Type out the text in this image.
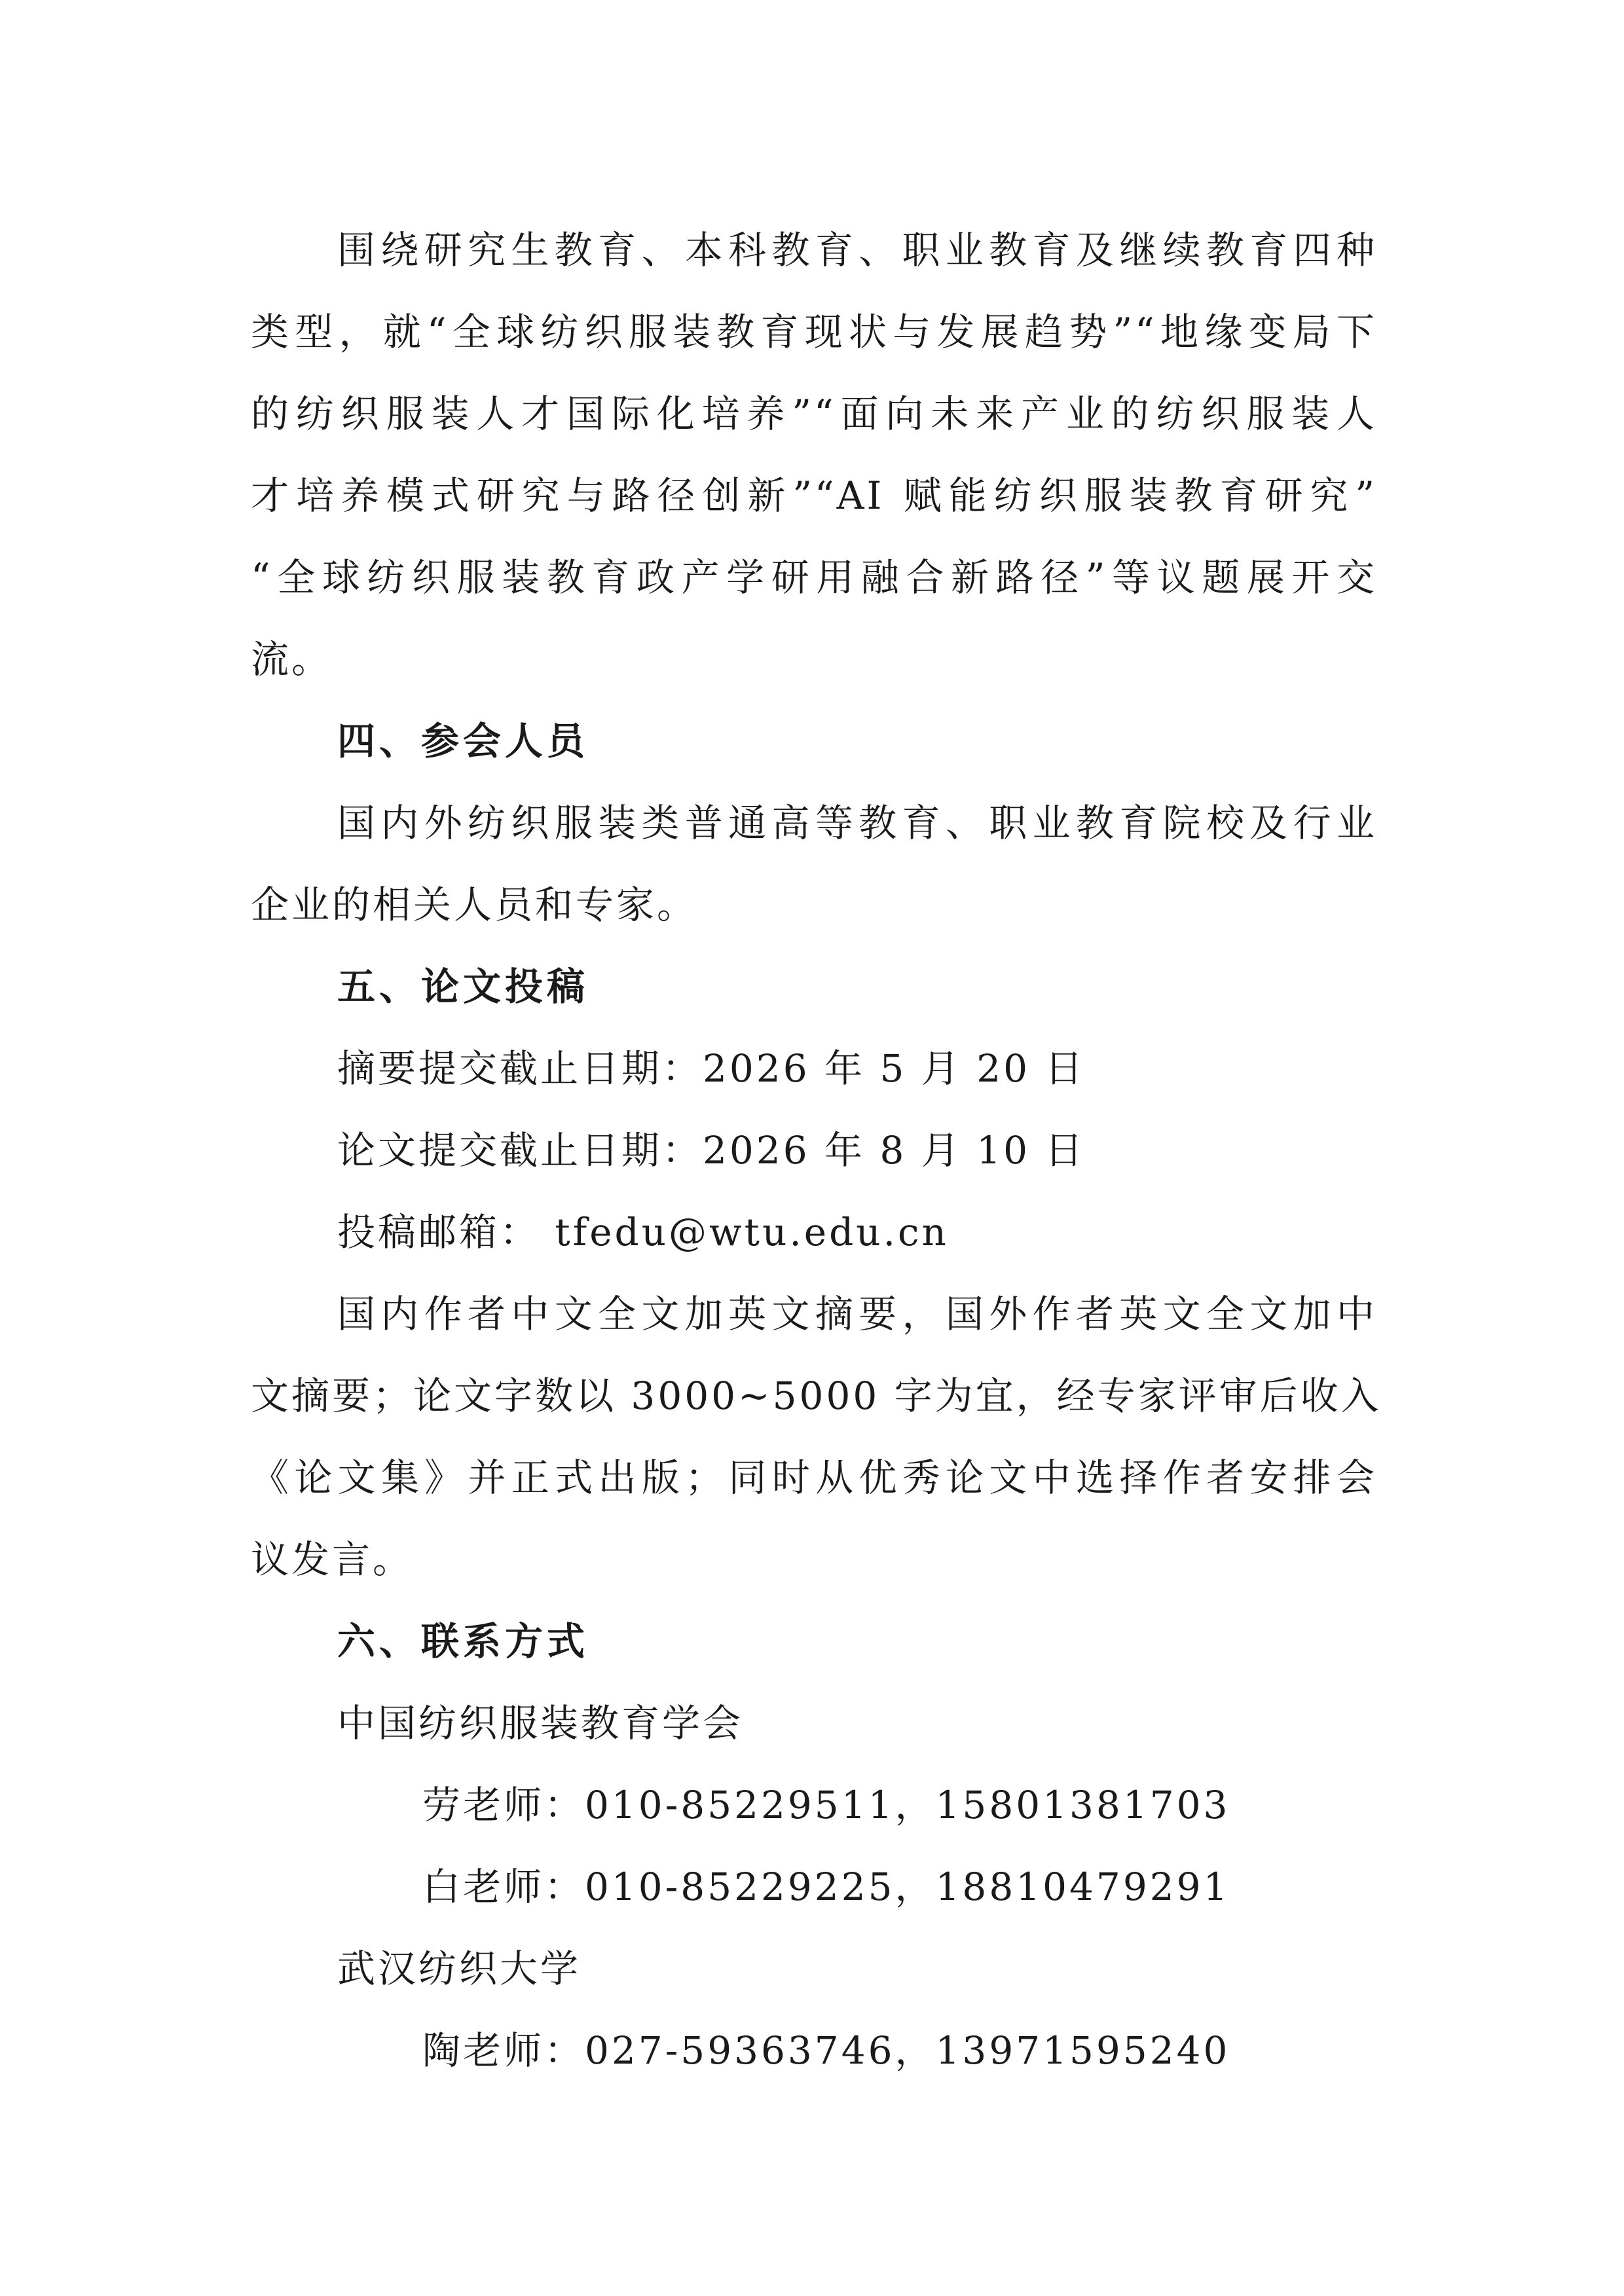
围绕研究生教育、本科教育、职业教育及继续教育四种
类型，就“全球纺织服装教育现状与发展趋势”“地缘变局下
的纺织服装人才国际化培养”“面向未来产业的纺织服装人
才培养模式研究与路径创新”“AI 赋能纺织服装教育研究”
“全球纺织服装教育政产学研用融合新路径”等议题展开交
流。
四、参会人员
国内外纺织服装类普通高等教育、职业教育院校及行业
企业的相关人员和专家。
五、论文投稿
摘要提交截止日期：2026 年 5 月 20 日
论文提交截止日期：2026 年 8 月 10 日
投稿邮箱： tfedu@wtu.edu.cn
国内作者中文全文加英文摘要，国外作者英文全文加中
文摘要；论文字数以 3000~5000 字为宜，经专家评审后收入
《论文集》并正式出版；同时从优秀论文中选择作者安排会
议发言。
六、联系方式
中国纺织服装教育学会
劳老师：010-85229511，15801381703
白老师：010-85229225，18810479291
武汉纺织大学
陶老师：027-59363746，13971595240
